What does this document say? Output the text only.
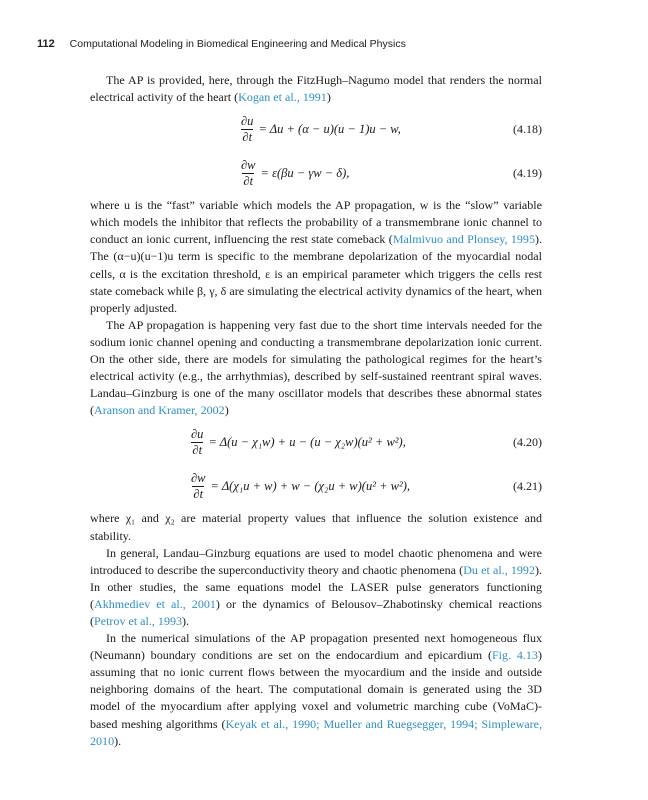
112 Computational Modeling in Biomedical Engineering and Medical Physics

The AP is provided, here, through the FitzHugh–Nagumo model that renders the normal electrical activity of the heart (Kogan et al., 1991)

$\frac{\partial u}{\partial t} = \Delta u + (\alpha - u)(u - 1)u - w$,	(4.18)
$\frac{\partial w}{\partial t} = \varepsilon(\beta u - \gamma w - \delta)$,	(4.19)

where u is the “fast” variable which models the AP propagation, w is the “slow” variable which models the inhibitor that reflects the probability of a transmembrane ionic channel to conduct an ionic current, influencing the rest state comeback (Malmivuo and Plonsey, 1995). The (α−u)(u−1)u term is specific to the membrane depolarization of the myocardial nodal cells, α is the excitation threshold, ε is an empirical parameter which triggers the cells rest state comeback while β, γ, δ are simulating the electrical activity dynamics of the heart, when properly adjusted.

The AP propagation is happening very fast due to the short time intervals needed for the sodium ionic channel opening and conducting a transmembrane depolarization ionic current. On the other side, there are models for simulating the pathological regimes for the heart’s electrical activity (e.g., the arrhythmias), described by self-sustained reentrant spiral waves. Landau–Ginzburg is one of the many oscillator models that describes these abnormal states (Aranson and Kramer, 2002)

$\frac{\partial u}{\partial t} = \Delta(u - \chi_1w) + u - (u - \chi_2w)(u^2 + w^2)$,	(4.20)
$\frac{\partial w}{\partial t} = \Delta(\chi_1u + w) + w - (\chi_2u + w)(u^2 + w^2)$,	(4.21)

where χ₁ and χ₂ are material property values that influence the solution existence and stability.

In general, Landau–Ginzburg equations are used to model chaotic phenomena and were introduced to describe the superconductivity theory and chaotic phenomena (Du et al., 1992). In other studies, the same equations model the LASER pulse generators functioning (Akhmediev et al., 2001) or the dynamics of Belousov–Zhabotinsky chemical reactions (Petrov et al., 1993).

In the numerical simulations of the AP propagation presented next homogeneous flux (Neumann) boundary conditions are set on the endocardium and epicardium (Fig. 4.13) assuming that no ionic current flows between the myocardium and the inside and outside neighboring domains of the heart. The computational domain is generated using the 3D model of the myocardium after applying voxel and volumetric marching cube (VoMaC)-based meshing algorithms (Keyak et al., 1990; Mueller and Ruegsegger, 1994; Simpleware, 2010).
